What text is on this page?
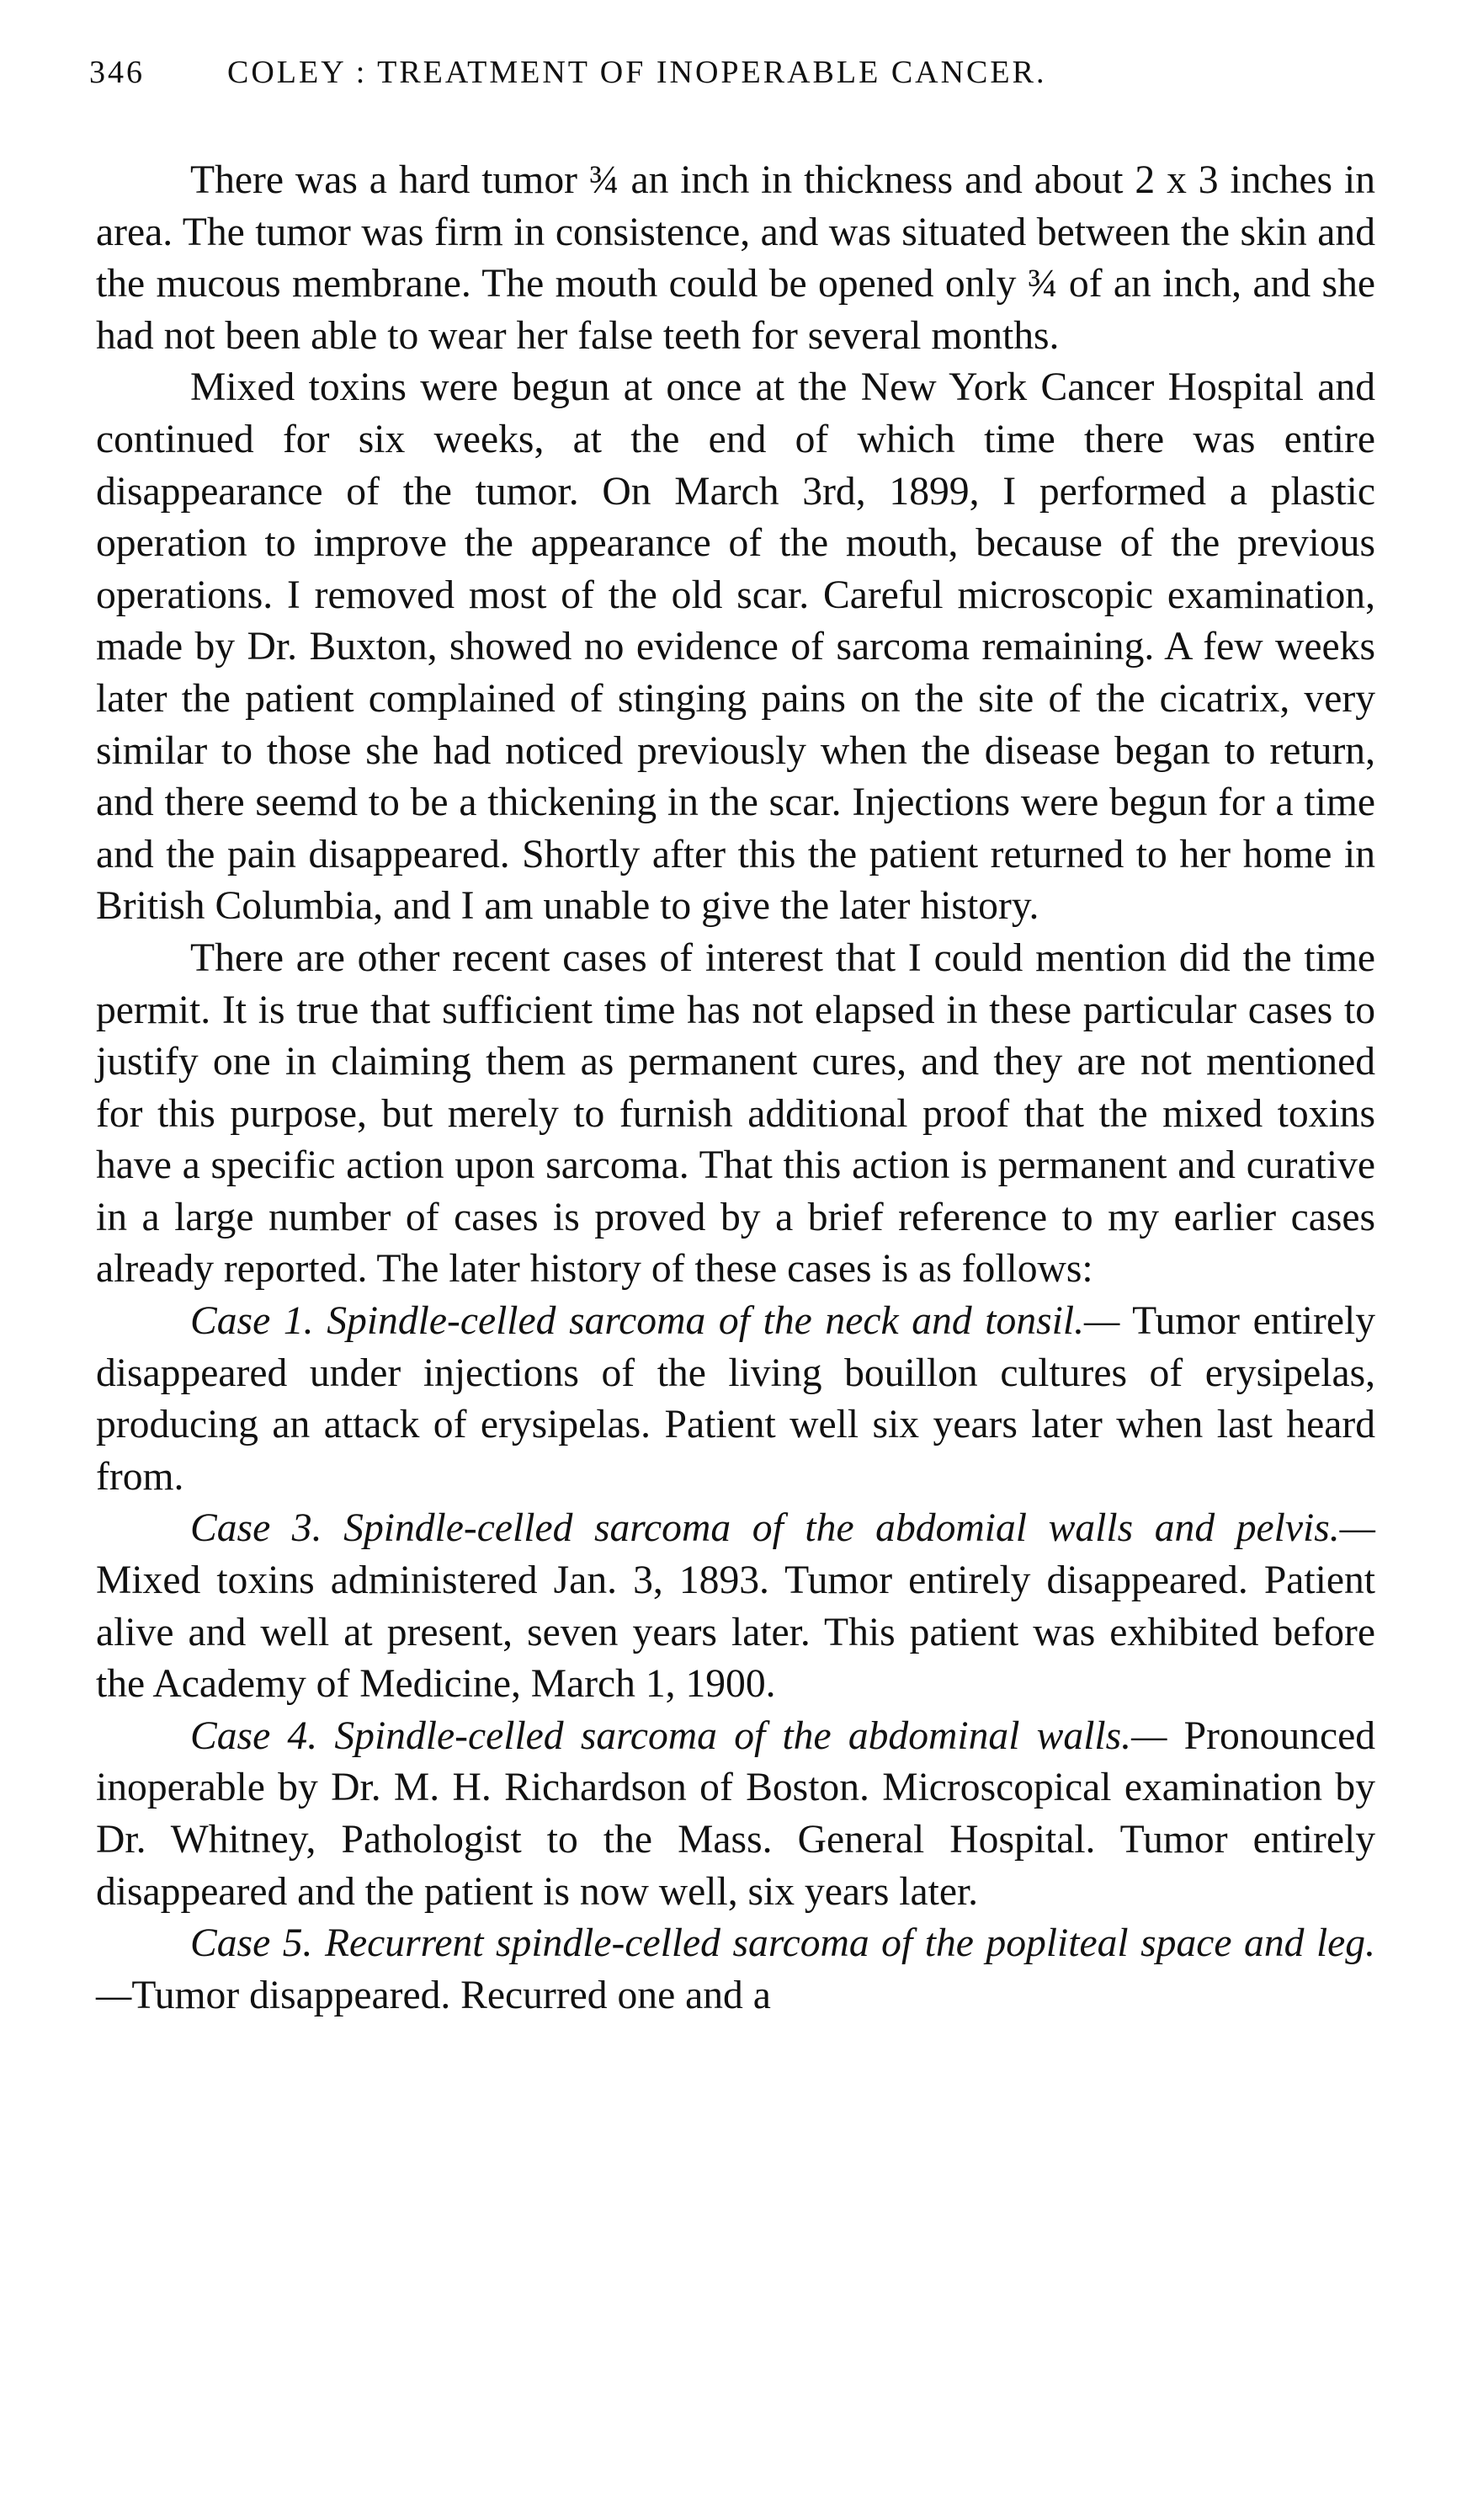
346	COLEY : TREATMENT OF INOPERABLE CANCER.

There was a hard tumor ¾ an inch in thickness and about 2 x 3 inches in area. The tumor was firm in consistence, and was situated between the skin and the mucous membrane. The mouth could be opened only ¾ of an inch, and she had not been able to wear her false teeth for several months.

Mixed toxins were begun at once at the New York Cancer Hospital and continued for six weeks, at the end of which time there was entire disappearance of the tumor. On March 3rd, 1899, I performed a plastic operation to improve the appearance of the mouth, because of the previous operations. I removed most of the old scar. Careful microscopic examination, made by Dr. Buxton, showed no evidence of sarcoma remaining. A few weeks later the patient complained of stinging pains on the site of the cicatrix, very similar to those she had noticed previously when the disease began to return, and there seemd to be a thickening in the scar. Injections were begun for a time and the pain disappeared. Shortly after this the patient returned to her home in British Columbia, and I am unable to give the later history.

There are other recent cases of interest that I could mention did the time permit. It is true that sufficient time has not elapsed in these particular cases to justify one in claiming them as permanent cures, and they are not mentioned for this purpose, but merely to furnish additional proof that the mixed toxins have a specific action upon sarcoma. That this action is permanent and curative in a large number of cases is proved by a brief reference to my earlier cases already reported. The later history of these cases is as follows:

Case 1. Spindle-celled sarcoma of the neck and tonsil.— Tumor entirely disappeared under injections of the living bouillon cultures of erysipelas, producing an attack of erysipelas. Patient well six years later when last heard from.

Case 3. Spindle-celled sarcoma of the abdomial walls and pelvis.— Mixed toxins administered Jan. 3, 1893. Tumor entirely disappeared. Patient alive and well at present, seven years later. This patient was exhibited before the Academy of Medicine, March 1, 1900.

Case 4. Spindle-celled sarcoma of the abdominal walls.— Pronounced inoperable by Dr. M. H. Richardson of Boston. Microscopical examination by Dr. Whitney, Pathologist to the Mass. General Hospital. Tumor entirely disappeared and the patient is now well, six years later.

Case 5. Recurrent spindle-celled sarcoma of the popliteal space and leg.—Tumor disappeared. Recurred one and a
